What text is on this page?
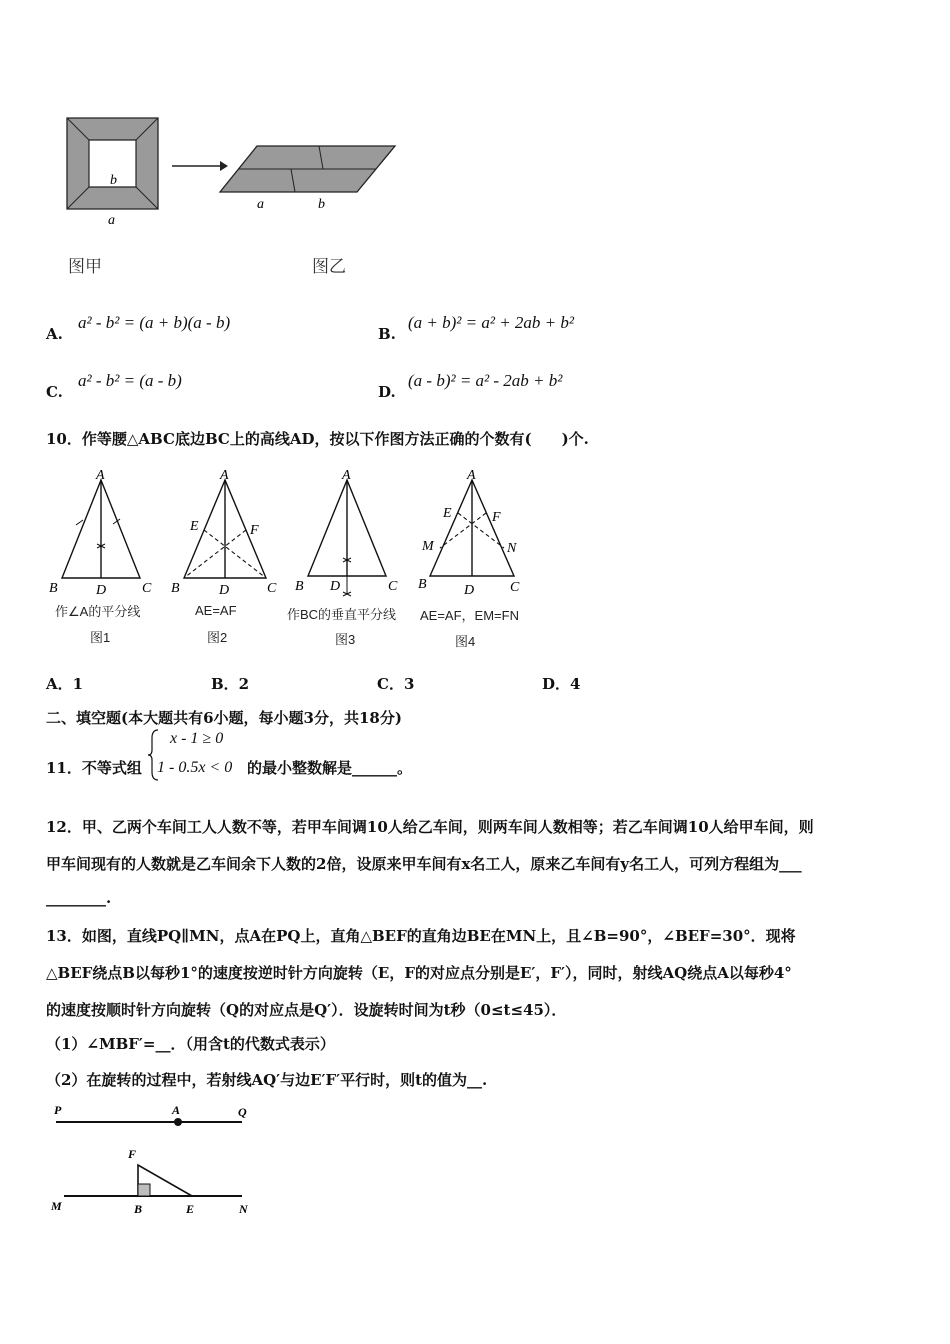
b
a
a	b
图甲	图乙
A.
a² - b² = (a + b)(a - b)
B.
(a + b)² = a² + 2ab + b²
C.
a² - b² = (a - b)
D.
(a - b)² = a² - 2ab + b²
10．作等腰△ABC底边BC上的高线AD，按以下作图方法正确的个数有(　　)个.
A
B	D	C
作∠A的平分线
图1
A
E	F
B	D	C
AE=AF
图2
A
B D	C
作BC的垂直平分线
图3
A
E	F
M	N
B	D	C
AE=AF，EM=FN
图4
A．1	B．2	C．3	D．4
二、填空题(本大题共有6小题，每小题3分，共18分)
11．不等式组
x - 1 ≥ 0
1 - 0.5x < 0 的最小整数解是______。
12．甲、乙两个车间工人人数不等，若甲车间调10人给乙车间，则两车间人数相等；若乙车间调10人给甲车间，则
甲车间现有的人数就是乙车间余下人数的2倍，设原来甲车间有x名工人，原来乙车间有y名工人，可列方程组为___
________.
13．如图，直线PQ∥MN，点A在PQ上，直角△BEF的直角边BE在MN上，且∠B=90°，∠BEF=30°．现将
△BEF绕点B以每秒1°的速度按逆时针方向旋转（E，F的对应点分别是E′，F′），同时，射线AQ绕点A以每秒4°
的速度按顺时针方向旋转（Q的对应点是Q′）．设旋转时间为t秒（0≤t≤45）．
（1）∠MBF′=__．（用含t的代数式表示）
（2）在旋转的过程中，若射线AQ′与边E′F′平行时，则t的值为__.
P	A	Q
F
M	B	E	N
